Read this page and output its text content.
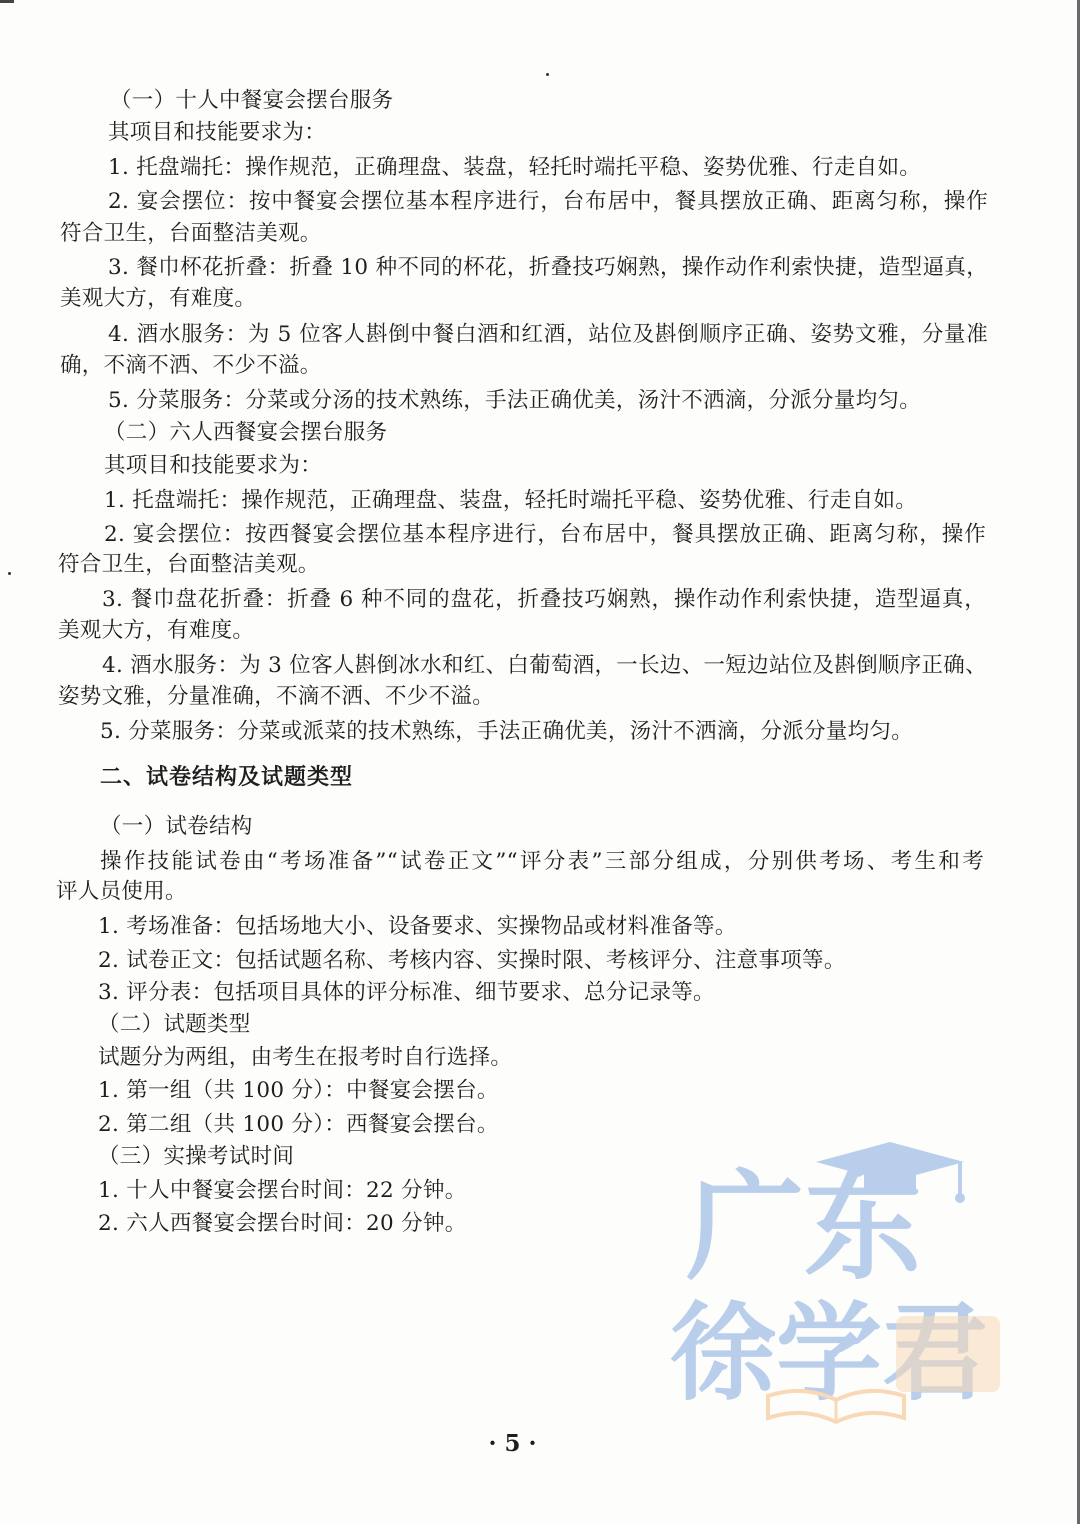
（一）十人中餐宴会摆台服务
其项目和技能要求为：
1. 托盘端托：操作规范，正确理盘、装盘，轻托时端托平稳、姿势优雅、行走自如。
2. 宴会摆位：按中餐宴会摆位基本程序进行，台布居中，餐具摆放正确、距离匀称，操作
符合卫生，台面整洁美观。
3. 餐巾杯花折叠：折叠 10 种不同的杯花，折叠技巧娴熟，操作动作利索快捷，造型逼真，
美观大方，有难度。
4. 酒水服务：为 5 位客人斟倒中餐白酒和红酒，站位及斟倒顺序正确、姿势文雅，分量准
确，不滴不洒、不少不溢。
5. 分菜服务：分菜或分汤的技术熟练，手法正确优美，汤汁不洒滴，分派分量均匀。
（二）六人西餐宴会摆台服务
其项目和技能要求为：
1. 托盘端托：操作规范，正确理盘、装盘，轻托时端托平稳、姿势优雅、行走自如。
2. 宴会摆位：按西餐宴会摆位基本程序进行，台布居中，餐具摆放正确、距离匀称，操作
符合卫生，台面整洁美观。
3. 餐巾盘花折叠：折叠 6 种不同的盘花，折叠技巧娴熟，操作动作利索快捷，造型逼真，
美观大方，有难度。
4. 酒水服务：为 3 位客人斟倒冰水和红、白葡萄酒，一长边、一短边站位及斟倒顺序正确、
姿势文雅，分量准确，不滴不洒、不少不溢。
5. 分菜服务：分菜或派菜的技术熟练，手法正确优美，汤汁不洒滴，分派分量均匀。
二、试卷结构及试题类型
（一）试卷结构
操作技能试卷由“考场准备”“试卷正文”“评分表”三部分组成，分别供考场、考生和考
评人员使用。
1. 考场准备：包括场地大小、设备要求、实操物品或材料准备等。
2. 试卷正文：包括试题名称、考核内容、实操时限、考核评分、注意事项等。
3. 评分表：包括项目具体的评分标准、细节要求、总分记录等。
（二）试题类型
试题分为两组，由考生在报考时自行选择。
1. 第一组（共 100 分）：中餐宴会摆台。
2. 第二组（共 100 分）：西餐宴会摆台。
（三）实操考试时间
1. 十人中餐宴会摆台时间：22 分钟。
2. 六人西餐宴会摆台时间：20 分钟。 广东
徐学君
· 5 ·
